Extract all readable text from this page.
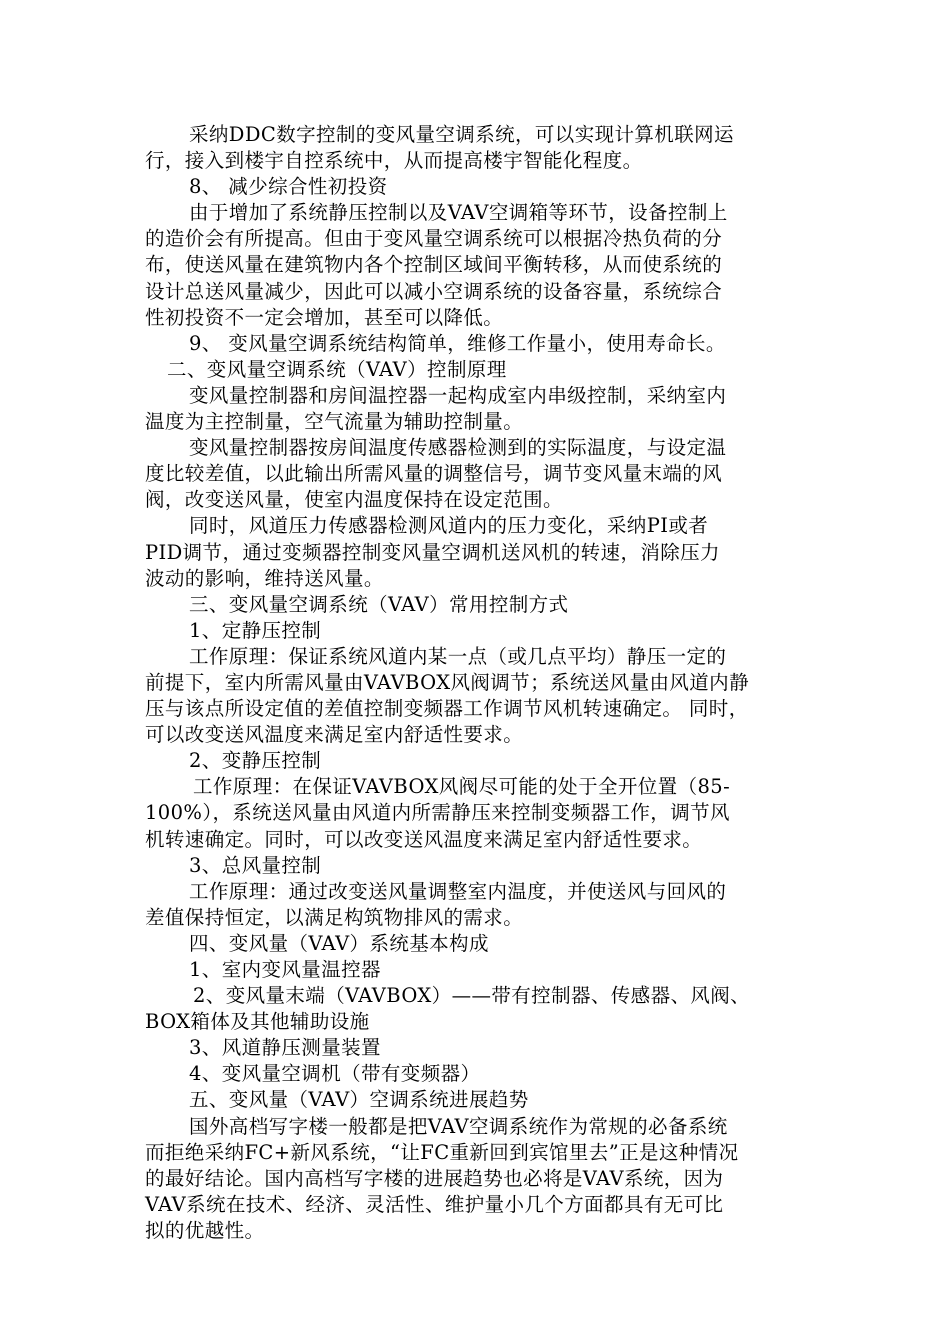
采纳DDC数字控制的变风量空调系统，可以实现计算机联网运
行，接入到楼宇自控系统中，从而提高楼宇智能化程度。
8、 减少综合性初投资
由于增加了系统静压控制以及VAV空调箱等环节，设备控制上
的造价会有所提高。但由于变风量空调系统可以根据冷热负荷的分
布，使送风量在建筑物内各个控制区域间平衡转移，从而使系统的
设计总送风量减少，因此可以减小空调系统的设备容量，系统综合
性初投资不一定会增加，甚至可以降低。
9、 变风量空调系统结构简单，维修工作量小，使用寿命长。
二、变风量空调系统（VAV）控制原理
变风量控制器和房间温控器一起构成室内串级控制，采纳室内
温度为主控制量，空气流量为辅助控制量。
变风量控制器按房间温度传感器检测到的实际温度，与设定温
度比较差值，以此输出所需风量的调整信号，调节变风量末端的风
阀，改变送风量，使室内温度保持在设定范围。
同时，风道压力传感器检测风道内的压力变化，采纳PI或者
PID调节，通过变频器控制变风量空调机送风机的转速，消除压力
波动的影响，维持送风量。
三、变风量空调系统（VAV）常用控制方式
1、定静压控制
工作原理：保证系统风道内某一点（或几点平均）静压一定的
前提下，室内所需风量由VAVBOX风阀调节；系统送风量由风道内静
压与该点所设定值的差值控制变频器工作调节风机转速确定。 同时，
可以改变送风温度来满足室内舒适性要求。
2、变静压控制
工作原理：在保证VAVBOX风阀尽可能的处于全开位置（85-
100%），系统送风量由风道内所需静压来控制变频器工作，调节风
机转速确定。同时，可以改变送风温度来满足室内舒适性要求。
3、总风量控制
工作原理：通过改变送风量调整室内温度，并使送风与回风的
差值保持恒定，以满足构筑物排风的需求。
四、变风量（VAV）系统基本构成
1、室内变风量温控器
2、变风量末端（VAVBOX）——带有控制器、传感器、风阀、
BOX箱体及其他辅助设施
3、风道静压测量装置
4、变风量空调机（带有变频器）
五、变风量（VAV）空调系统进展趋势
国外高档写字楼一般都是把VAV空调系统作为常规的必备系统
而拒绝采纳FC+新风系统，“让FC重新回到宾馆里去”正是这种情况
的最好结论。国内高档写字楼的进展趋势也必将是VAV系统，因为
VAV系统在技术、经济、灵活性、维护量小几个方面都具有无可比
拟的优越性。
